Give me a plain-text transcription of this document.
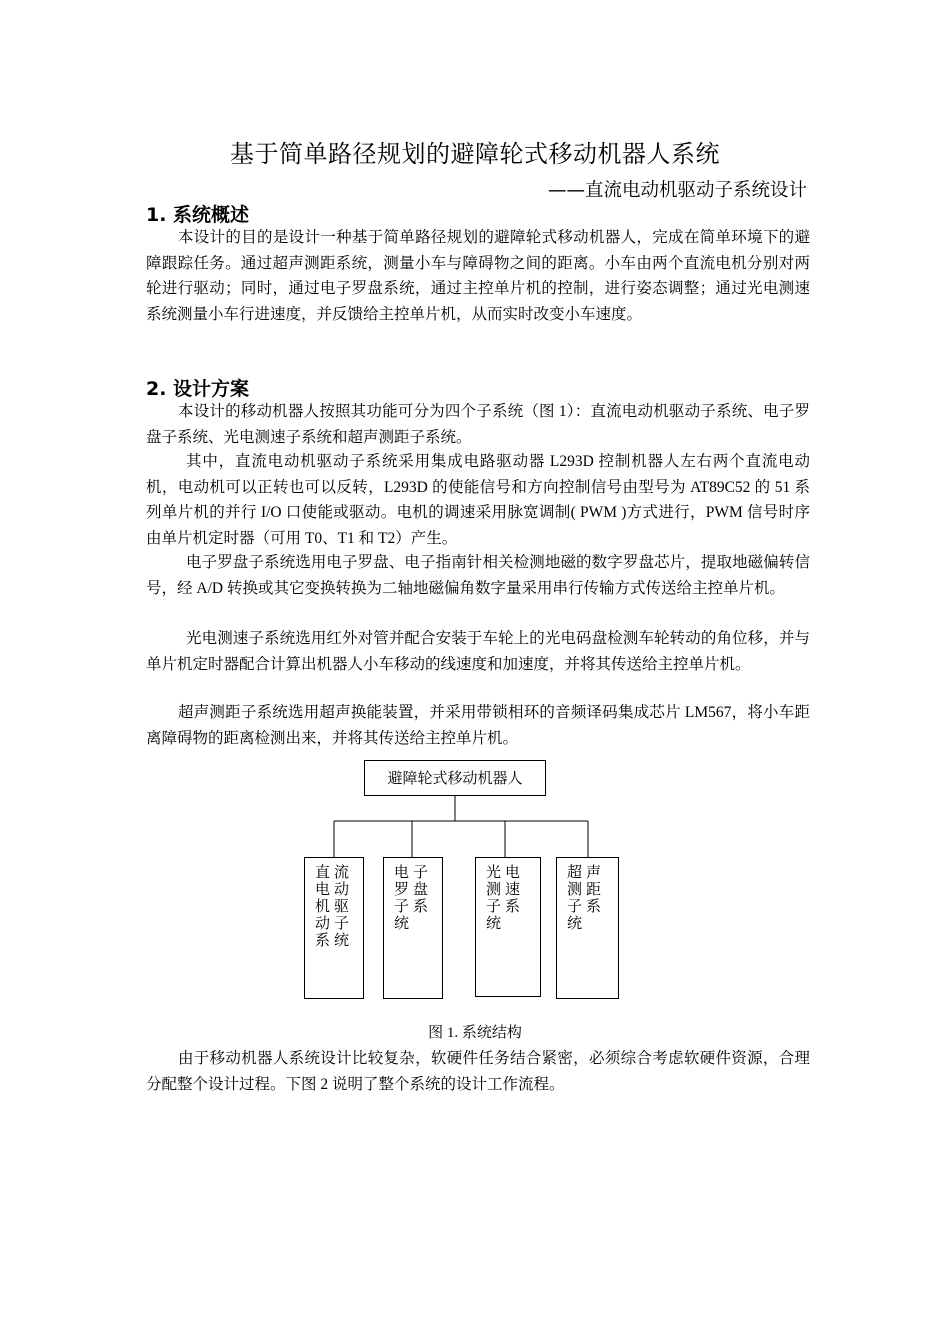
基于简单路径规划的避障轮式移动机器人系统
——直流电动机驱动子系统设计
1. 系统概述
本设计的目的是设计一种基于简单路径规划的避障轮式移动机器人，完成在简单环境下的避障跟踪任务。通过超声测距系统，测量小车与障碍物之间的距离。小车由两个直流电机分别对两轮进行驱动；同时，通过电子罗盘系统，通过主控单片机的控制，进行姿态调整；通过光电测速系统测量小车行进速度，并反馈给主控单片机，从而实时改变小车速度。
2. 设计方案
本设计的移动机器人按照其功能可分为四个子系统（图 1）：直流电动机驱动子系统、电子罗盘子系统、光电测速子系统和超声测距子系统。
其中，直流电动机驱动子系统采用集成电路驱动器 L293D 控制机器人左右两个直流电动机，电动机可以正转也可以反转，L293D 的使能信号和方向控制信号由型号为 AT89C52 的 51 系列单片机的并行 I/O 口使能或驱动。电机的调速采用脉宽调制( PWM )方式进行，PWM 信号时序由单片机定时器（可用 T0、T1 和 T2）产生。
电子罗盘子系统选用电子罗盘、电子指南针相关检测地磁的数字罗盘芯片，提取地磁偏转信号，经 A/D 转换或其它变换转换为二轴地磁偏角数字量采用串行传输方式传送给主控单片机。
光电测速子系统选用红外对管并配合安装于车轮上的光电码盘检测车轮转动的角位移，并与单片机定时器配合计算出机器人小车移动的线速度和加速度，并将其传送给主控单片机。
超声测距子系统选用超声换能装置，并采用带锁相环的音频译码集成芯片 LM567，将小车距离障碍物的距离检测出来，并将其传送给主控单片机。
避障轮式移动机器人
直流电动机驱动子系统
电子罗盘子系统
光电测速子系统
超声测距子系统
图 1. 系统结构
由于移动机器人系统设计比较复杂，软硬件任务结合紧密，必须综合考虑软硬件资源，合理分配整个设计过程。下图 2 说明了整个系统的设计工作流程。
